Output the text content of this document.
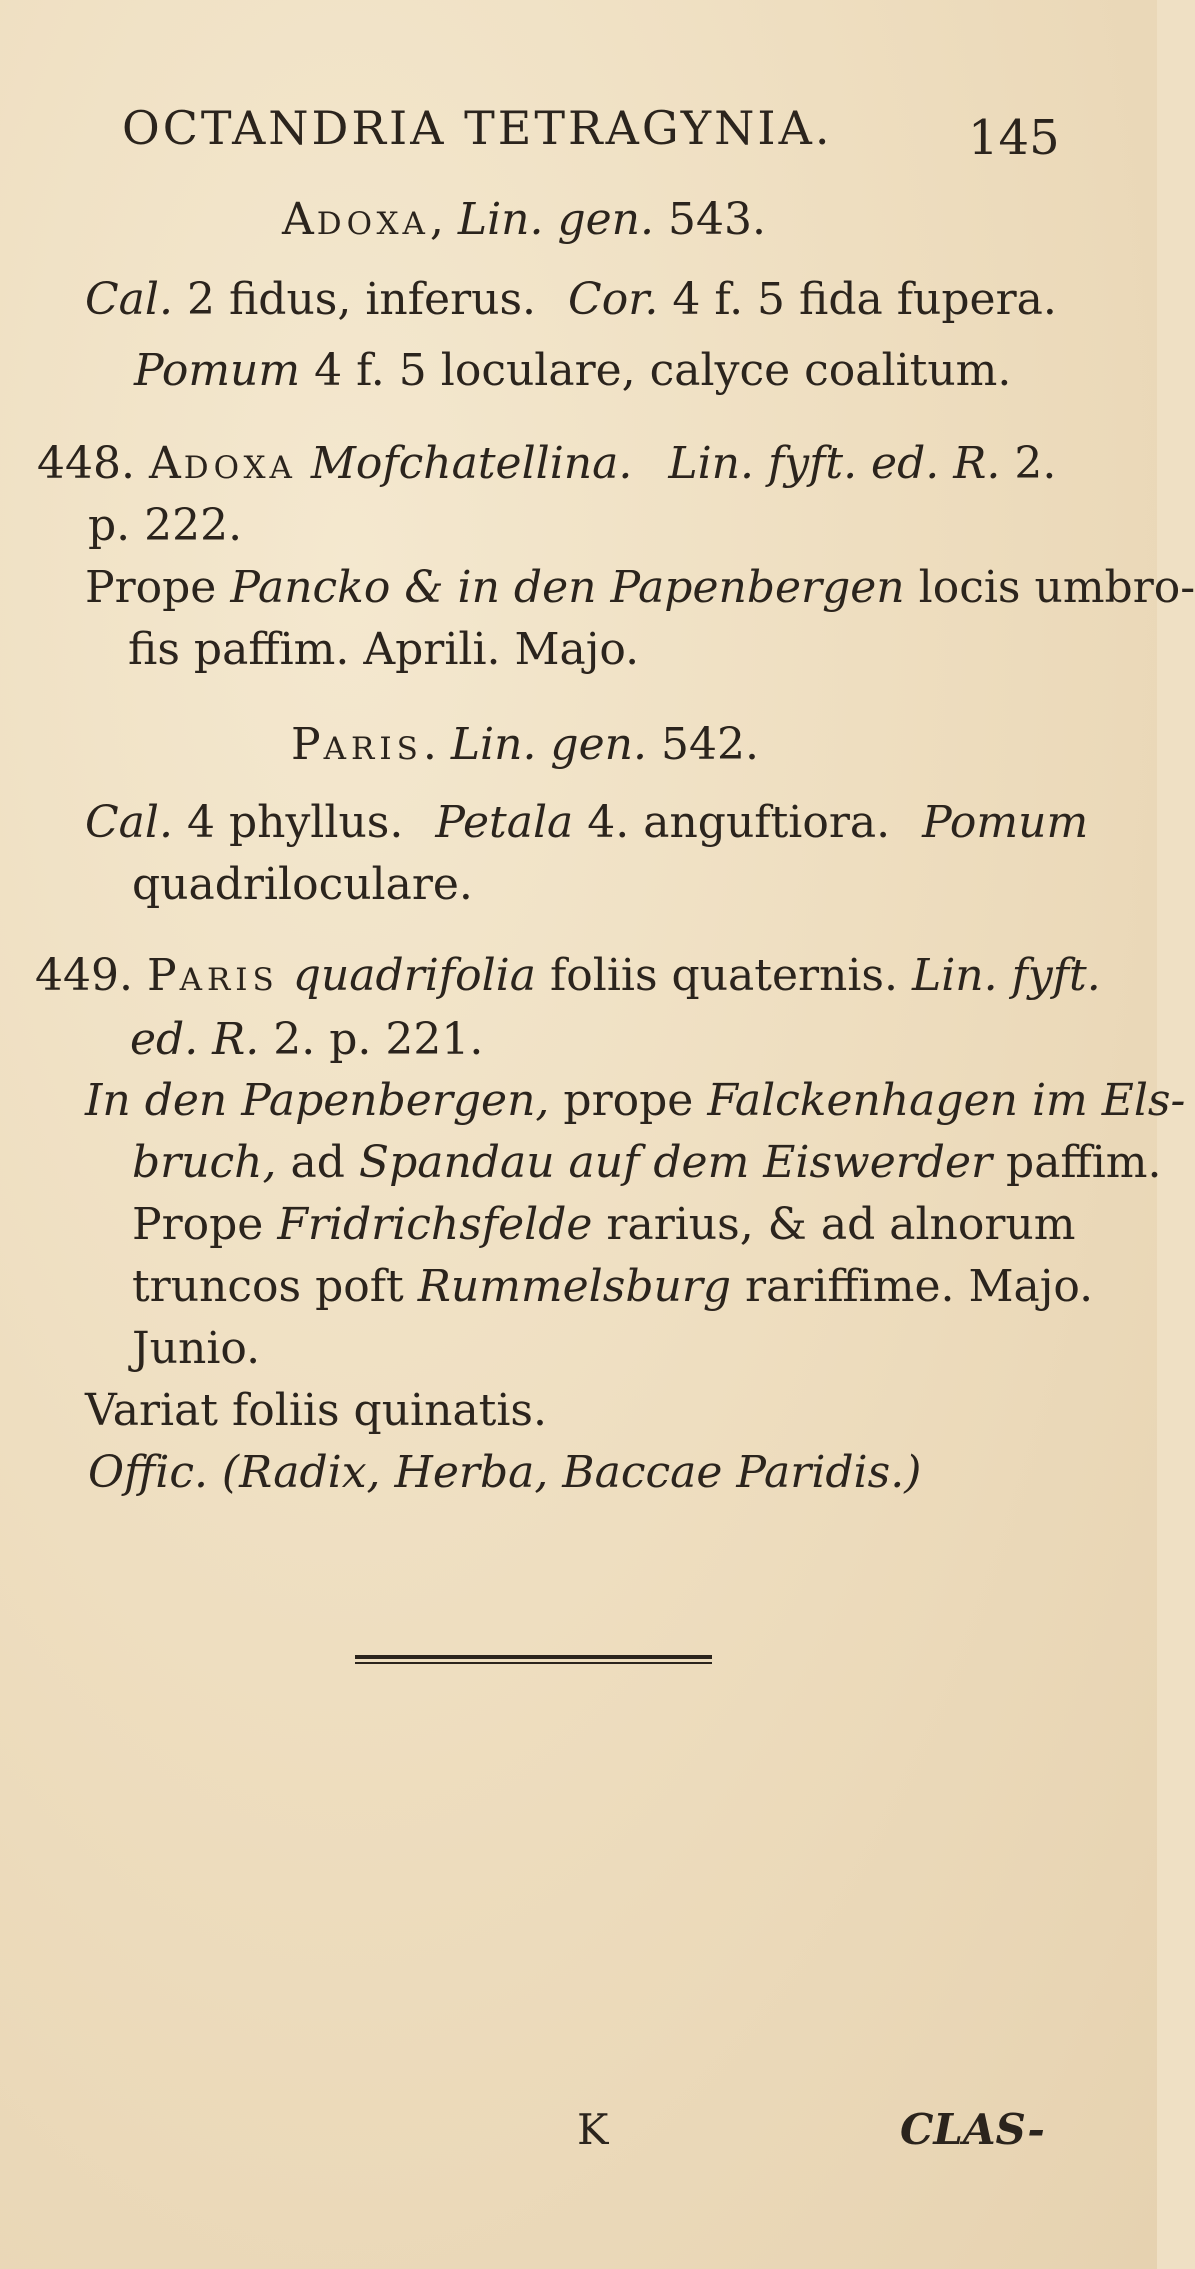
OCTANDRIA TETRAGYNIA.	145
ADOXA, Lin. gen. 543.
Cal. 2 fidus, inferus. Cor. 4 f. 5 fida fupera.
Pomum 4 f. 5 loculare, calyce coalitum.
448. ADOXA Mofchatellina. Lin. fyft. ed. R. 2.
p. 222.
Prope Pancko & in den Papenbergen locis umbro-
fis paffim. Aprili. Majo.
PARIS. Lin. gen. 542.
Cal. 4 phyllus. Petala 4. anguftiora. Pomum
quadriloculare.
449. PARIS quadrifolia foliis quaternis. Lin. fyft.
ed. R. 2. p. 221.
In den Papenbergen, prope Falckenhagen im Els-
bruch, ad Spandau auf dem Eiswerder paffim.
Prope Fridrichsfelde rarius, & ad alnorum
truncos poft Rummelsburg rariffime. Majo.
Junio.
Variat foliis quinatis.
Offic. (Radix, Herba, Baccae Paridis.)
K	CLAS-
